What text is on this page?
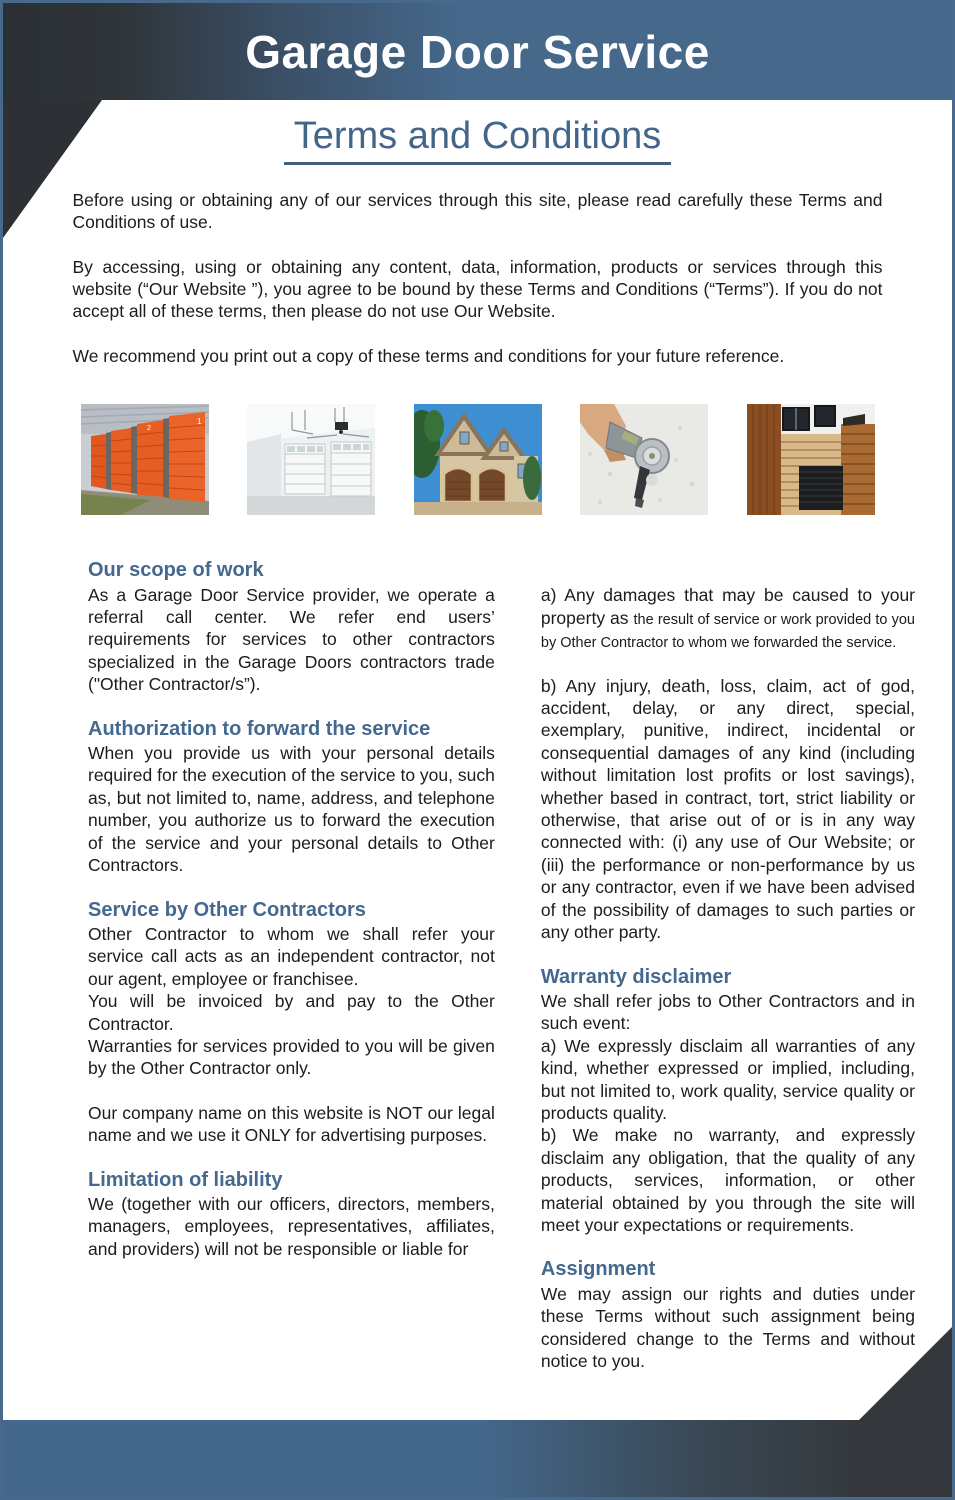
Garage Door Service
Terms and Conditions

Before using or obtaining any of our services through this site, please read carefully these Terms and Conditions of use.

By accessing, using or obtaining any content, data, information, products or services through this website (“Our Website ”), you agree to be bound by these Terms and Conditions (“Terms”). If you do not accept all of these terms, then please do not use Our Website.

We recommend you print out a copy of these terms and conditions for your future reference.

1
2
Our scope of work

As a Garage Door Service provider, we operate a referral call center. We refer end users’ requirements for services to other contractors specialized in the Garage Doors contractors trade ("Other Contractor/s”).

Authorization to forward the service

When you provide us with your personal details required for the execution of the service to you, such as, but not limited to, name, address, and telephone number, you authorize us to forward the execution of the service and your personal details to Other Contractors.

Service by Other Contractors

Other Contractor to whom we shall refer your service call acts as an independent contractor, not our agent, employee or franchisee.

You will be invoiced by and pay to the Other Contractor.

Warranties for services provided to you will be given by the Other Contractor only.

Our company name on this website is NOT our legal name and we use it ONLY for advertising purposes.

Limitation of liability

We (together with our officers, directors, members, managers, employees, representatives, affiliates, and providers) will not be responsible or liable for

a) Any damages that may be caused to your property as the result of service or work provided to you by Other Contractor to whom we forwarded the service.

b) Any injury, death, loss, claim, act of god, accident, delay, or any direct, special, exemplary, punitive, indirect, incidental or consequential damages of any kind (including without limitation lost profits or lost savings), whether based in contract, tort, strict liability or otherwise, that arise out of or is in any way connected with: (i) any use of Our Website; or (iii) the performance or non-performance by us or any contractor, even if we have been advised of the possibility of damages to such parties or any other party.

Warranty disclaimer

We shall refer jobs to Other Contractors and in such event:

a) We expressly disclaim all warranties of any kind, whether expressed or implied, including, but not limited to, work quality, service quality or products quality.

b) We make no warranty, and expressly disclaim any obligation, that the quality of any products, services, information, or other material obtained by you through the site will meet your expectations or requirements.

Assignment

We may assign our rights and duties under these Terms without such assignment being considered change to the Terms and without notice to you.
